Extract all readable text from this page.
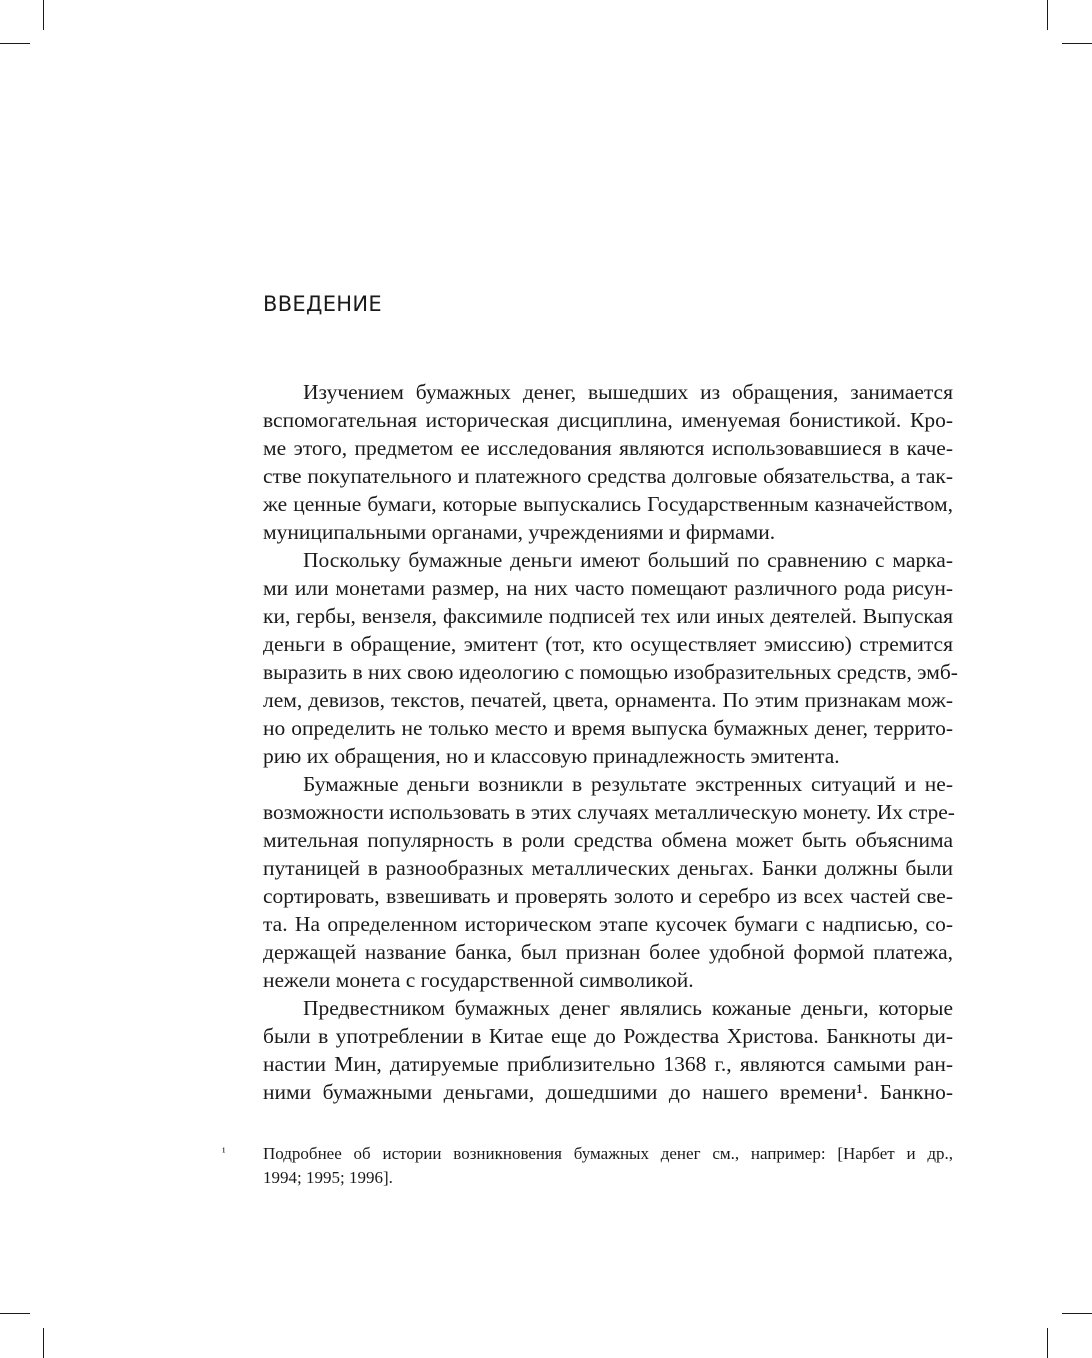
ВВЕДЕНИЕ

Изучением бумажных денег, вышедших из обращения, занимается
вспомогательная историческая дисциплина, именуемая бонистикой. Кро-
ме этого, предметом ее исследования являются использовавшиеся в каче-
стве покупательного и платежного средства долговые обязательства, а так-
же ценные бумаги, которые выпускались Государственным казначейством,
муниципальными органами, учреждениями и фирмами.

Поскольку бумажные деньги имеют больший по сравнению с марка-
ми или монетами размер, на них часто помещают различного рода рисун-
ки, гербы, вензеля, факсимиле подписей тех или иных деятелей. Выпуская
деньги в обращение, эмитент (тот, кто осуществляет эмиссию) стремится
выразить в них свою идеологию с помощью изобразительных средств, эмб-
лем, девизов, текстов, печатей, цвета, орнамента. По этим признакам мож-
но определить не только место и время выпуска бумажных денег, террито-
рию их обращения, но и классовую принадлежность эмитента.

Бумажные деньги возникли в результате экстренных ситуаций и не-
возможности использовать в этих случаях металлическую монету. Их стре-
мительная популярность в роли средства обмена может быть объяснима
путаницей в разнообразных металлических деньгах. Банки должны были
сортировать, взвешивать и проверять золото и серебро из всех частей све-
та. На определенном историческом этапе кусочек бумаги с надписью, со-
держащей название банка, был признан более удобной формой платежа,
нежели монета с государственной символикой.

Предвестником бумажных денег являлись кожаные деньги, которые
были в употреблении в Китае еще до Рождества Христова. Банкноты ди-
настии Мин, датируемые приблизительно 1368 г., являются самыми ран-
ними бумажными деньгами, дошедшими до нашего времени¹. Банкно-

¹ Подробнее об истории возникновения бумажных денег см., например: [Нарбет и др.,
1994; 1995; 1996].
